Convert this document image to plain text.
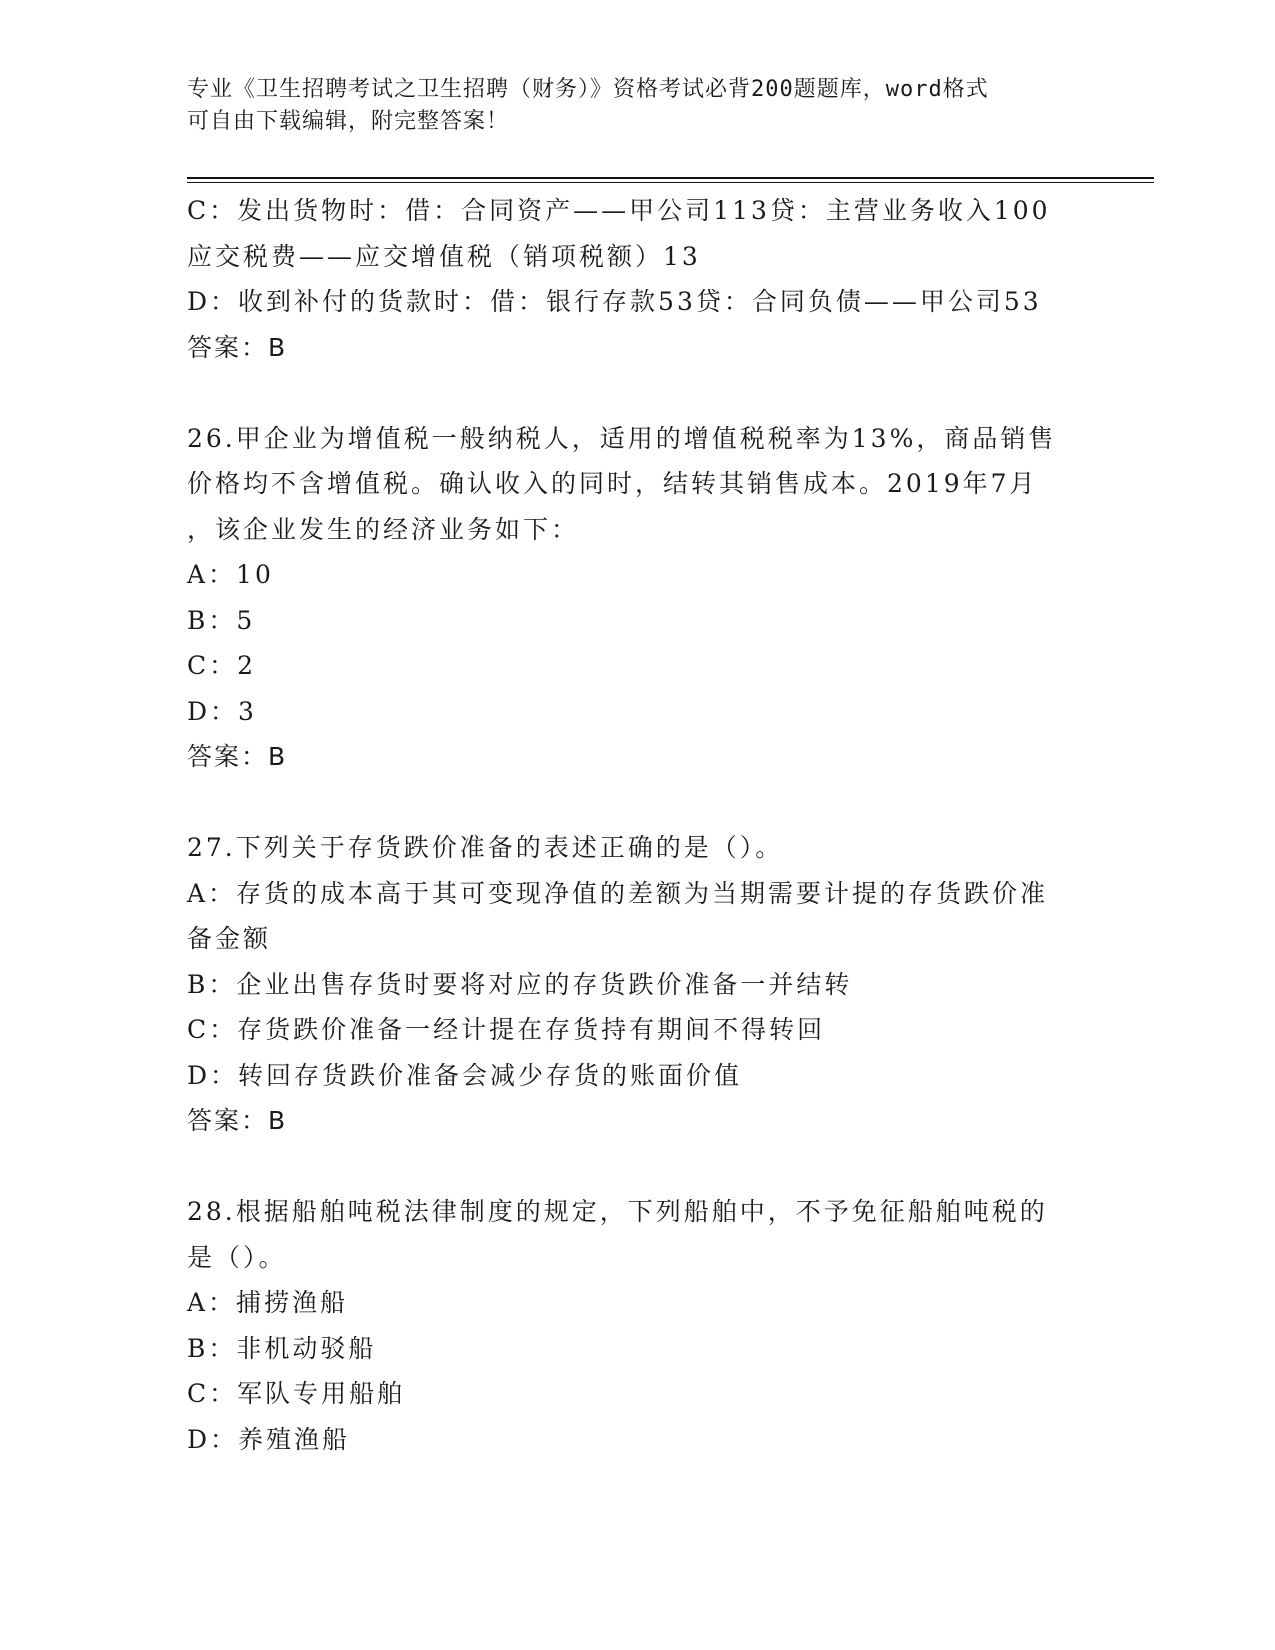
专业《卫生招聘考试之卫生招聘（财务）》资格考试必背200题题库，word格式
可自由下载编辑，附完整答案！
C：发出货物时：借：合同资产——甲公司113贷：主营业务收入100
应交税费——应交增值税（销项税额）13
D：收到补付的货款时：借：银行存款53贷：合同负债——甲公司53
答案：B
26.甲企业为增值税一般纳税人，适用的增值税税率为13%，商品销售
价格均不含增值税。确认收入的同时，结转其销售成本。2019年7月
，该企业发生的经济业务如下：
A：10
B：5
C：2
D：3
答案：B
27.下列关于存货跌价准备的表述正确的是（）。
A：存货的成本高于其可变现净值的差额为当期需要计提的存货跌价准
备金额
B：企业出售存货时要将对应的存货跌价准备一并结转
C：存货跌价准备一经计提在存货持有期间不得转回
D：转回存货跌价准备会减少存货的账面价值
答案：B
28.根据船舶吨税法律制度的规定，下列船舶中，不予免征船舶吨税的
是（）。
A：捕捞渔船
B：非机动驳船
C：军队专用船舶
D：养殖渔船
